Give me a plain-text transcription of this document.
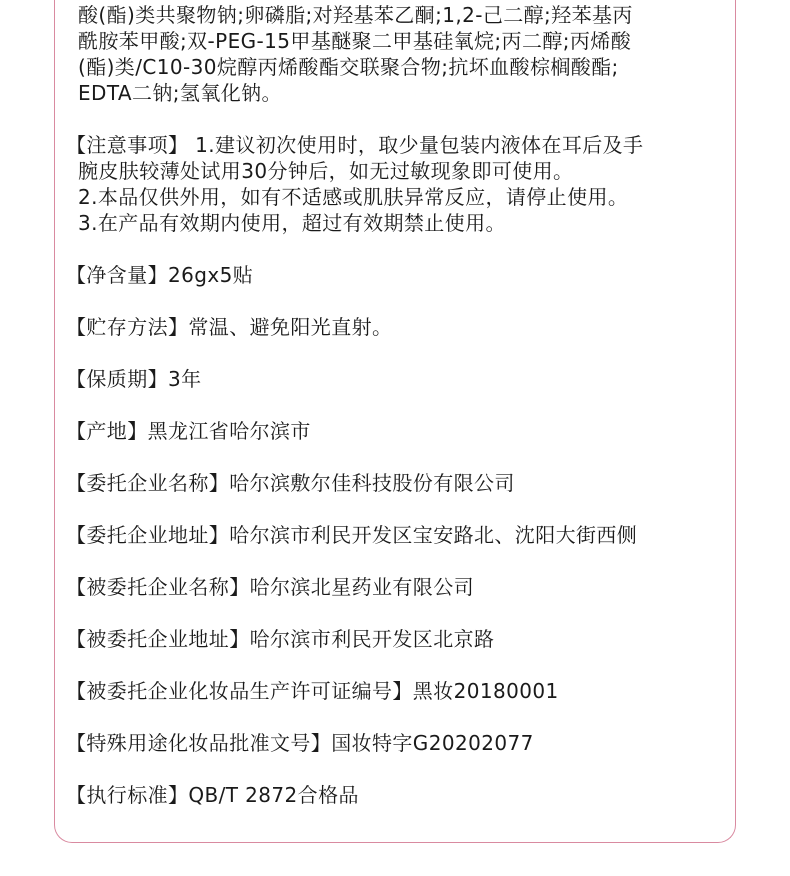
酸(酯)类共聚物钠;卵磷脂;对羟基苯乙酮;1,2-己二醇;羟苯基丙
酰胺苯甲酸;双-PEG-15甲基醚聚二甲基硅氧烷;丙二醇;丙烯酸
(酯)类/C10-30烷醇丙烯酸酯交联聚合物;抗坏血酸棕榈酸酯;
EDTA二钠;氢氧化钠。
【注意事项】 1.建议初次使用时，取少量包装内液体在耳后及手
腕皮肤较薄处试用30分钟后，如无过敏现象即可使用。
2.本品仅供外用，如有不适感或肌肤异常反应，请停止使用。
3.在产品有效期内使用，超过有效期禁止使用。
【净含量】26gx5贴
【贮存方法】常温、避免阳光直射。
【保质期】3年
【产地】黑龙江省哈尔滨市
【委托企业名称】哈尔滨敷尔佳科技股份有限公司
【委托企业地址】哈尔滨市利民开发区宝安路北、沈阳大街西侧
【被委托企业名称】哈尔滨北星药业有限公司
【被委托企业地址】哈尔滨市利民开发区北京路
【被委托企业化妆品生产许可证编号】黑妆20180001
【特殊用途化妆品批准文号】国妆特字G20202077
【执行标准】QB/T 2872合格品
